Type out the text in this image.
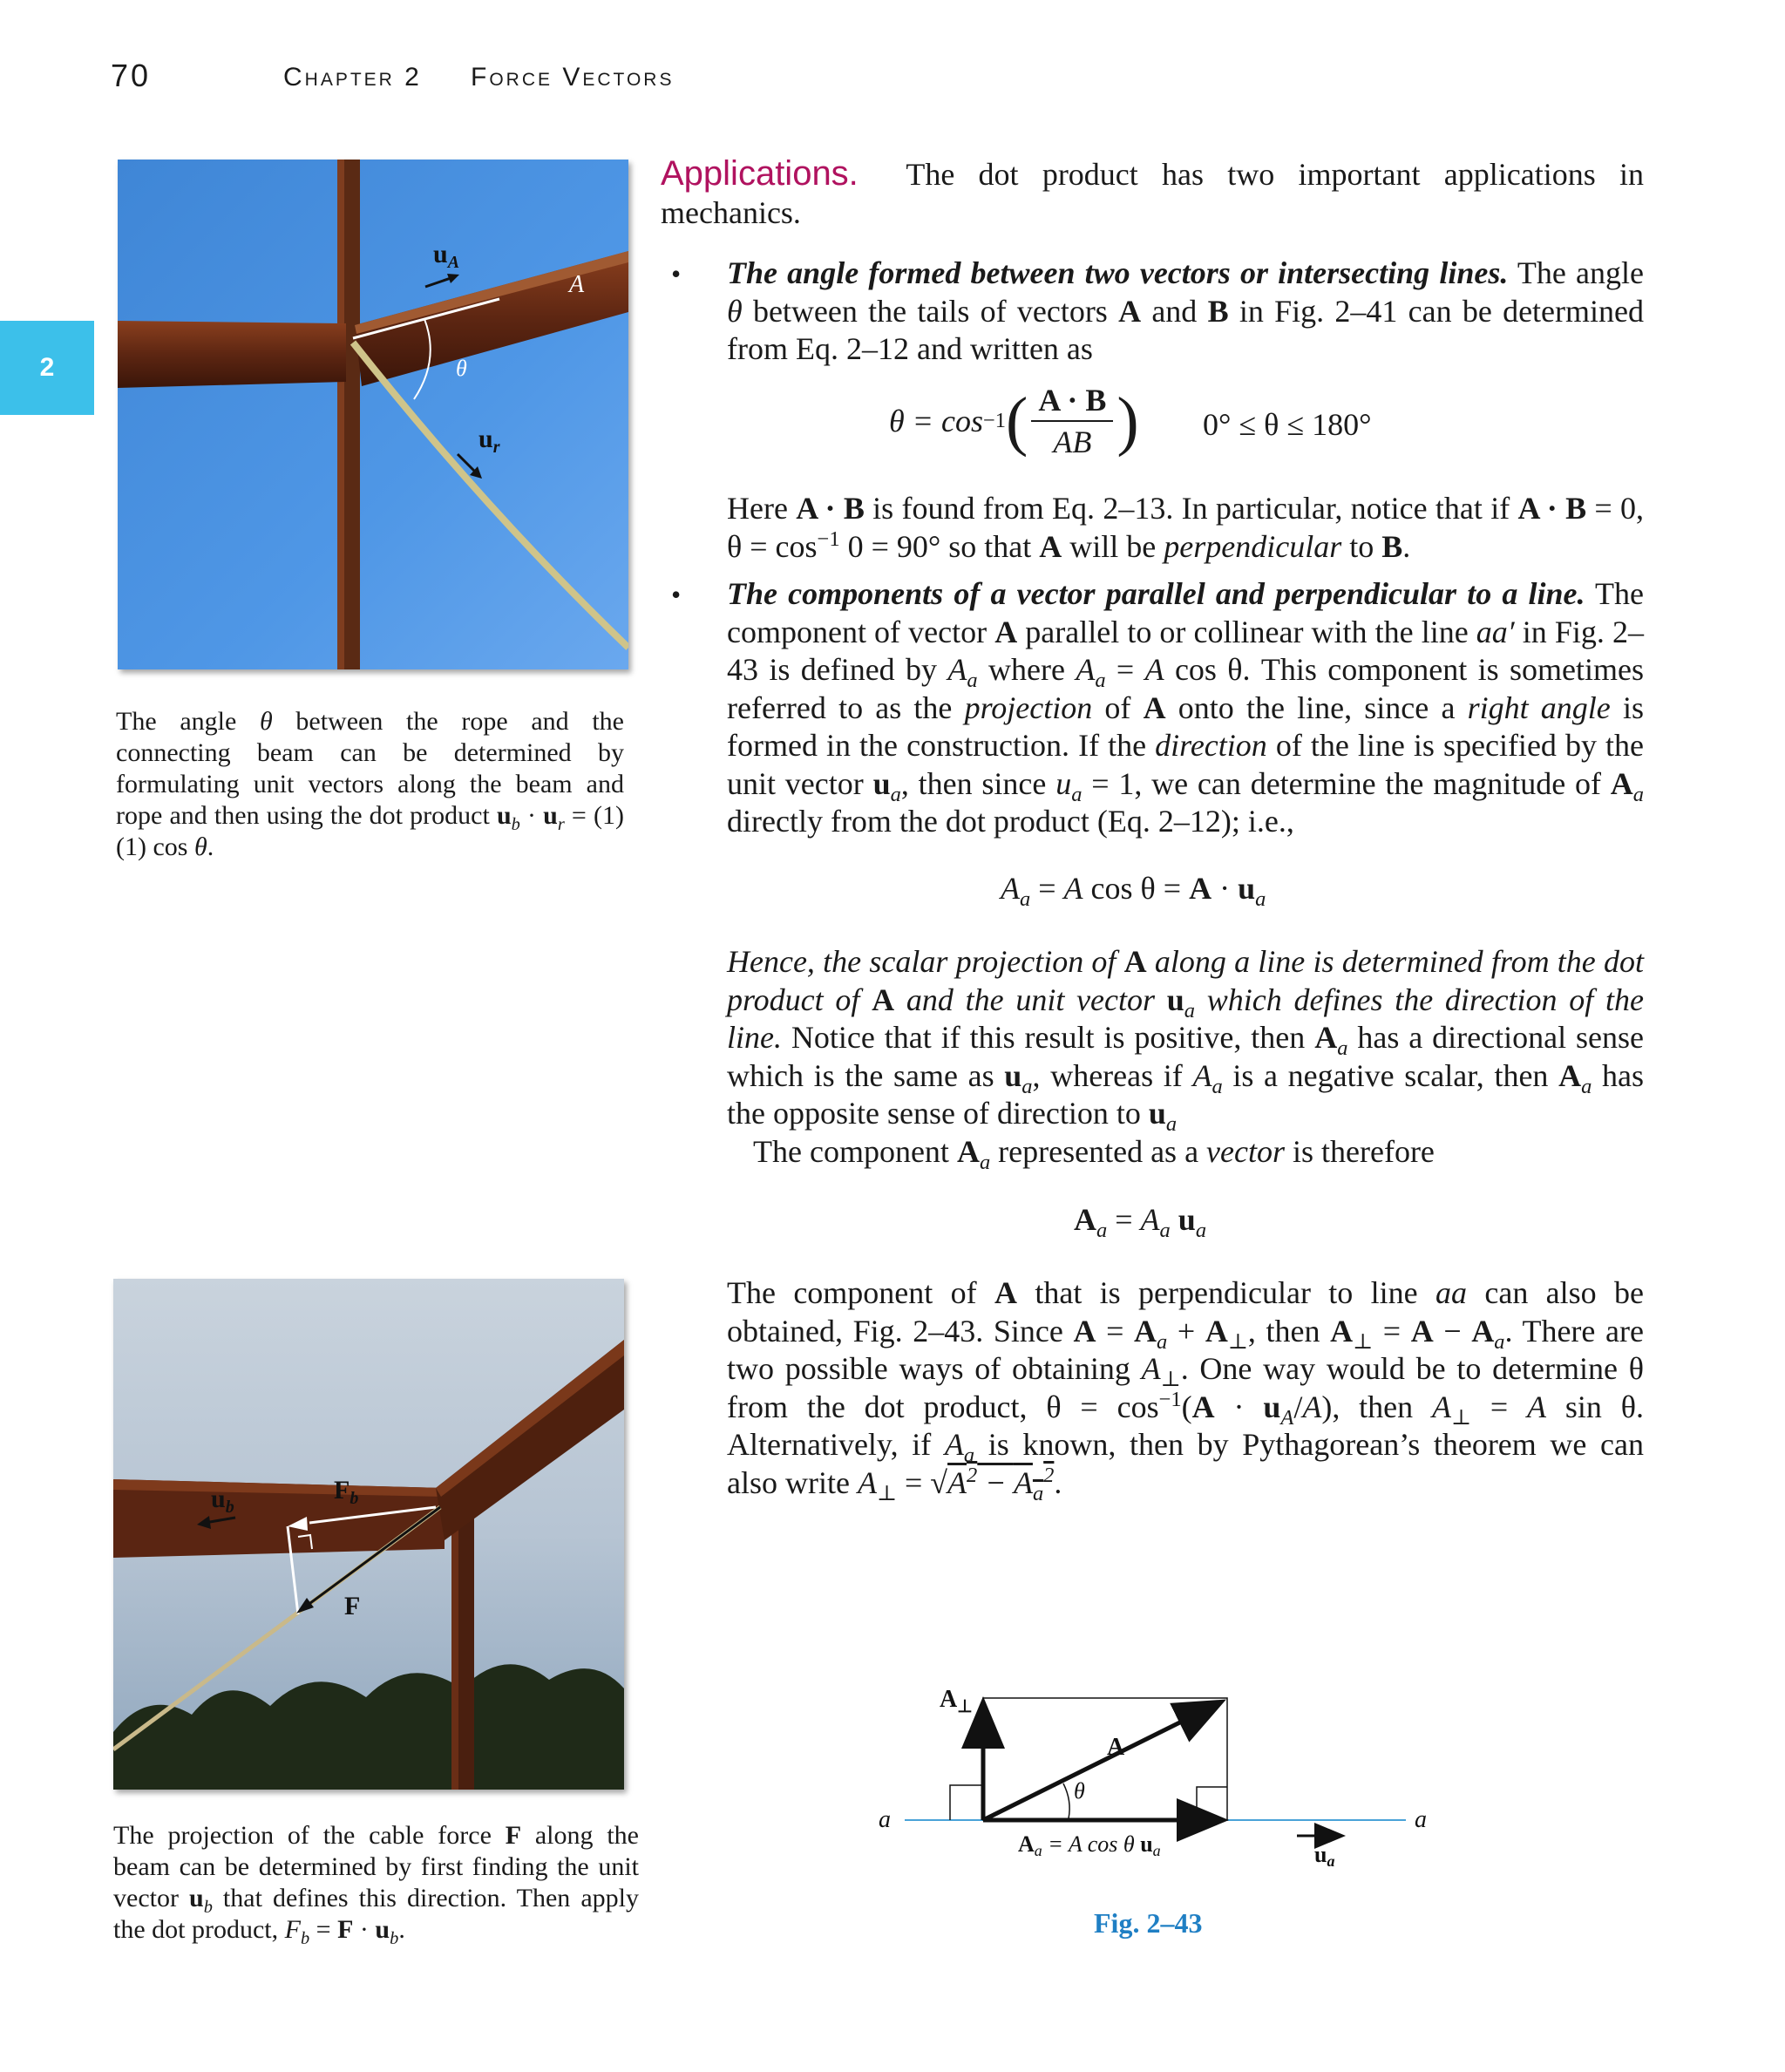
70	Chapter 2 Force Vectors
2
$u_A$
A
θ
$u_r$
The angle θ between the rope and the connecting beam can be determined by formulating unit vectors along the beam and rope and then using the dot product $u_b \cdot u_r = (1)(1)$ cos θ.
$u_b$
$F_b$
F
The projection of the cable force F along the beam can be determined by first finding the unit vector $u_b$ that defines this direction. Then apply the dot product, $F_b = F \cdot u_b$.
Applications. The dot product has two important applications in mechanics.
• The angle formed between two vectors or intersecting lines. The angle θ between the tails of vectors A and B in Fig. 2–41 can be determined from Eq. 2–12 and written as
θ = cos −1 ( $\frac{A \cdot B}{AB}$ ) 0° ≤ θ ≤ 180°
Here A · B is found from Eq. 2–13. In particular, notice that if A · B = 0, $\theta = \cos^{-1} 0 = 90^\circ$ so that A will be perpendicular to B.
• The components of a vector parallel and perpendicular to a line. The component of vector A parallel to or collinear with the line aa′ in Fig. 2–43 is defined by $A_a$ where $A_a = A$ cos θ. This component is sometimes referred to as the projection of A onto the line, since a right angle is formed in the construction. If the direction of the line is specified by the unit vector $u_a$, then since $u_a = 1$, we can determine the magnitude of $A_a$ directly from the dot product (Eq. 2–12); i.e.,
$A_a = A$ $\cos \theta = A \cdot u_a$
Hence, the scalar projection of A along a line is determined from the dot product of A and the unit vector $u_a$ which defines the direction of the line. Notice that if this result is positive, then $A_a$ has a directional sense which is the same as $u_a$, whereas if $A_a$ is a negative scalar, then $A_a$ has the opposite sense of direction to $u_a$
The component $A_a$ represented as a vector is therefore
$A_a = A_a$ $u_a$
The component of A that is perpendicular to line aa can also be obtained, Fig. 2–43. Since $A = A_a + A_\perp$, then $A_\perp = A - A_a$. There are two possible ways of obtaining $A_\perp$. One way would be to determine θ from the dot product, $\theta = \cos^{-1}(A \cdot u_A/A)$, then $A_\perp = A$ sin θ. Alternatively, if $A_a$ is known, then by Pythagorean’s theorem we can also write $A_\perp = √A^2 - A_a^2$.
a	a
$A_\perp$
A
θ
Aa = A cos θ ua	ua
Fig. 2–43
